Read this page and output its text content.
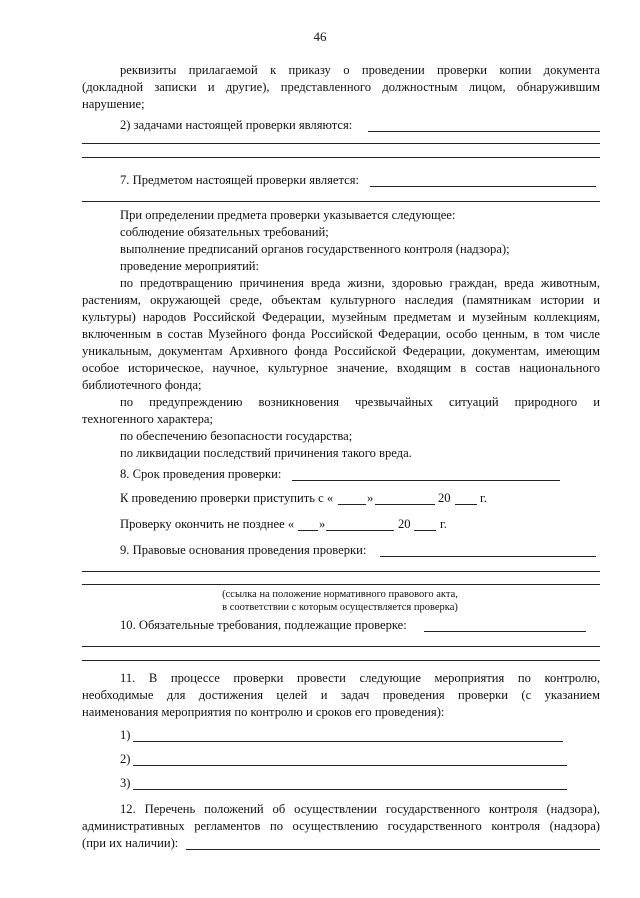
46
реквизиты прилагаемой к приказу о проведении проверки копии документа
(докладной записки и другие), представленного должностным лицом, обнаружившим
нарушение;
2) задачами настоящей проверки являются:
7. Предметом настоящей проверки является:
При определении предмета проверки указывается следующее:
соблюдение обязательных требований;
выполнение предписаний органов государственного контроля (надзора);
проведение мероприятий:
по предотвращению причинения вреда жизни, здоровью граждан, вреда животным,
растениям, окружающей среде, объектам культурного наследия (памятникам истории и
культуры) народов Российской Федерации, музейным предметам и музейным коллекциям,
включенным в состав Музейного фонда Российской Федерации, особо ценным, в том числе
уникальным, документам Архивного фонда Российской Федерации, документам, имеющим
особое историческое, научное, культурное значение, входящим в состав национального
библиотечного фонда;
по предупреждению возникновения чрезвычайных ситуаций природного и
техногенного характера;
по обеспечению безопасности государства;
по ликвидации последствий причинения такого вреда.
8. Срок проведения проверки:
К проведению проверки приступить с «	»	20 г.
Проверку окончить не позднее « »	20 г.
9. Правовые основания проведения проверки:
(ссылка на положение нормативного правового акта,
в соответствии с которым осуществляется проверка)
10. Обязательные требования, подлежащие проверке:
11. В процессе проверки провести следующие мероприятия по контролю,
необходимые для достижения целей и задач проведения проверки (с указанием
наименования мероприятия по контролю и сроков его проведения):
1)
2)
3)
12. Перечень положений об осуществлении государственного контроля (надзора),
административных регламентов по осуществлению государственного контроля (надзора)
(при их наличии):
